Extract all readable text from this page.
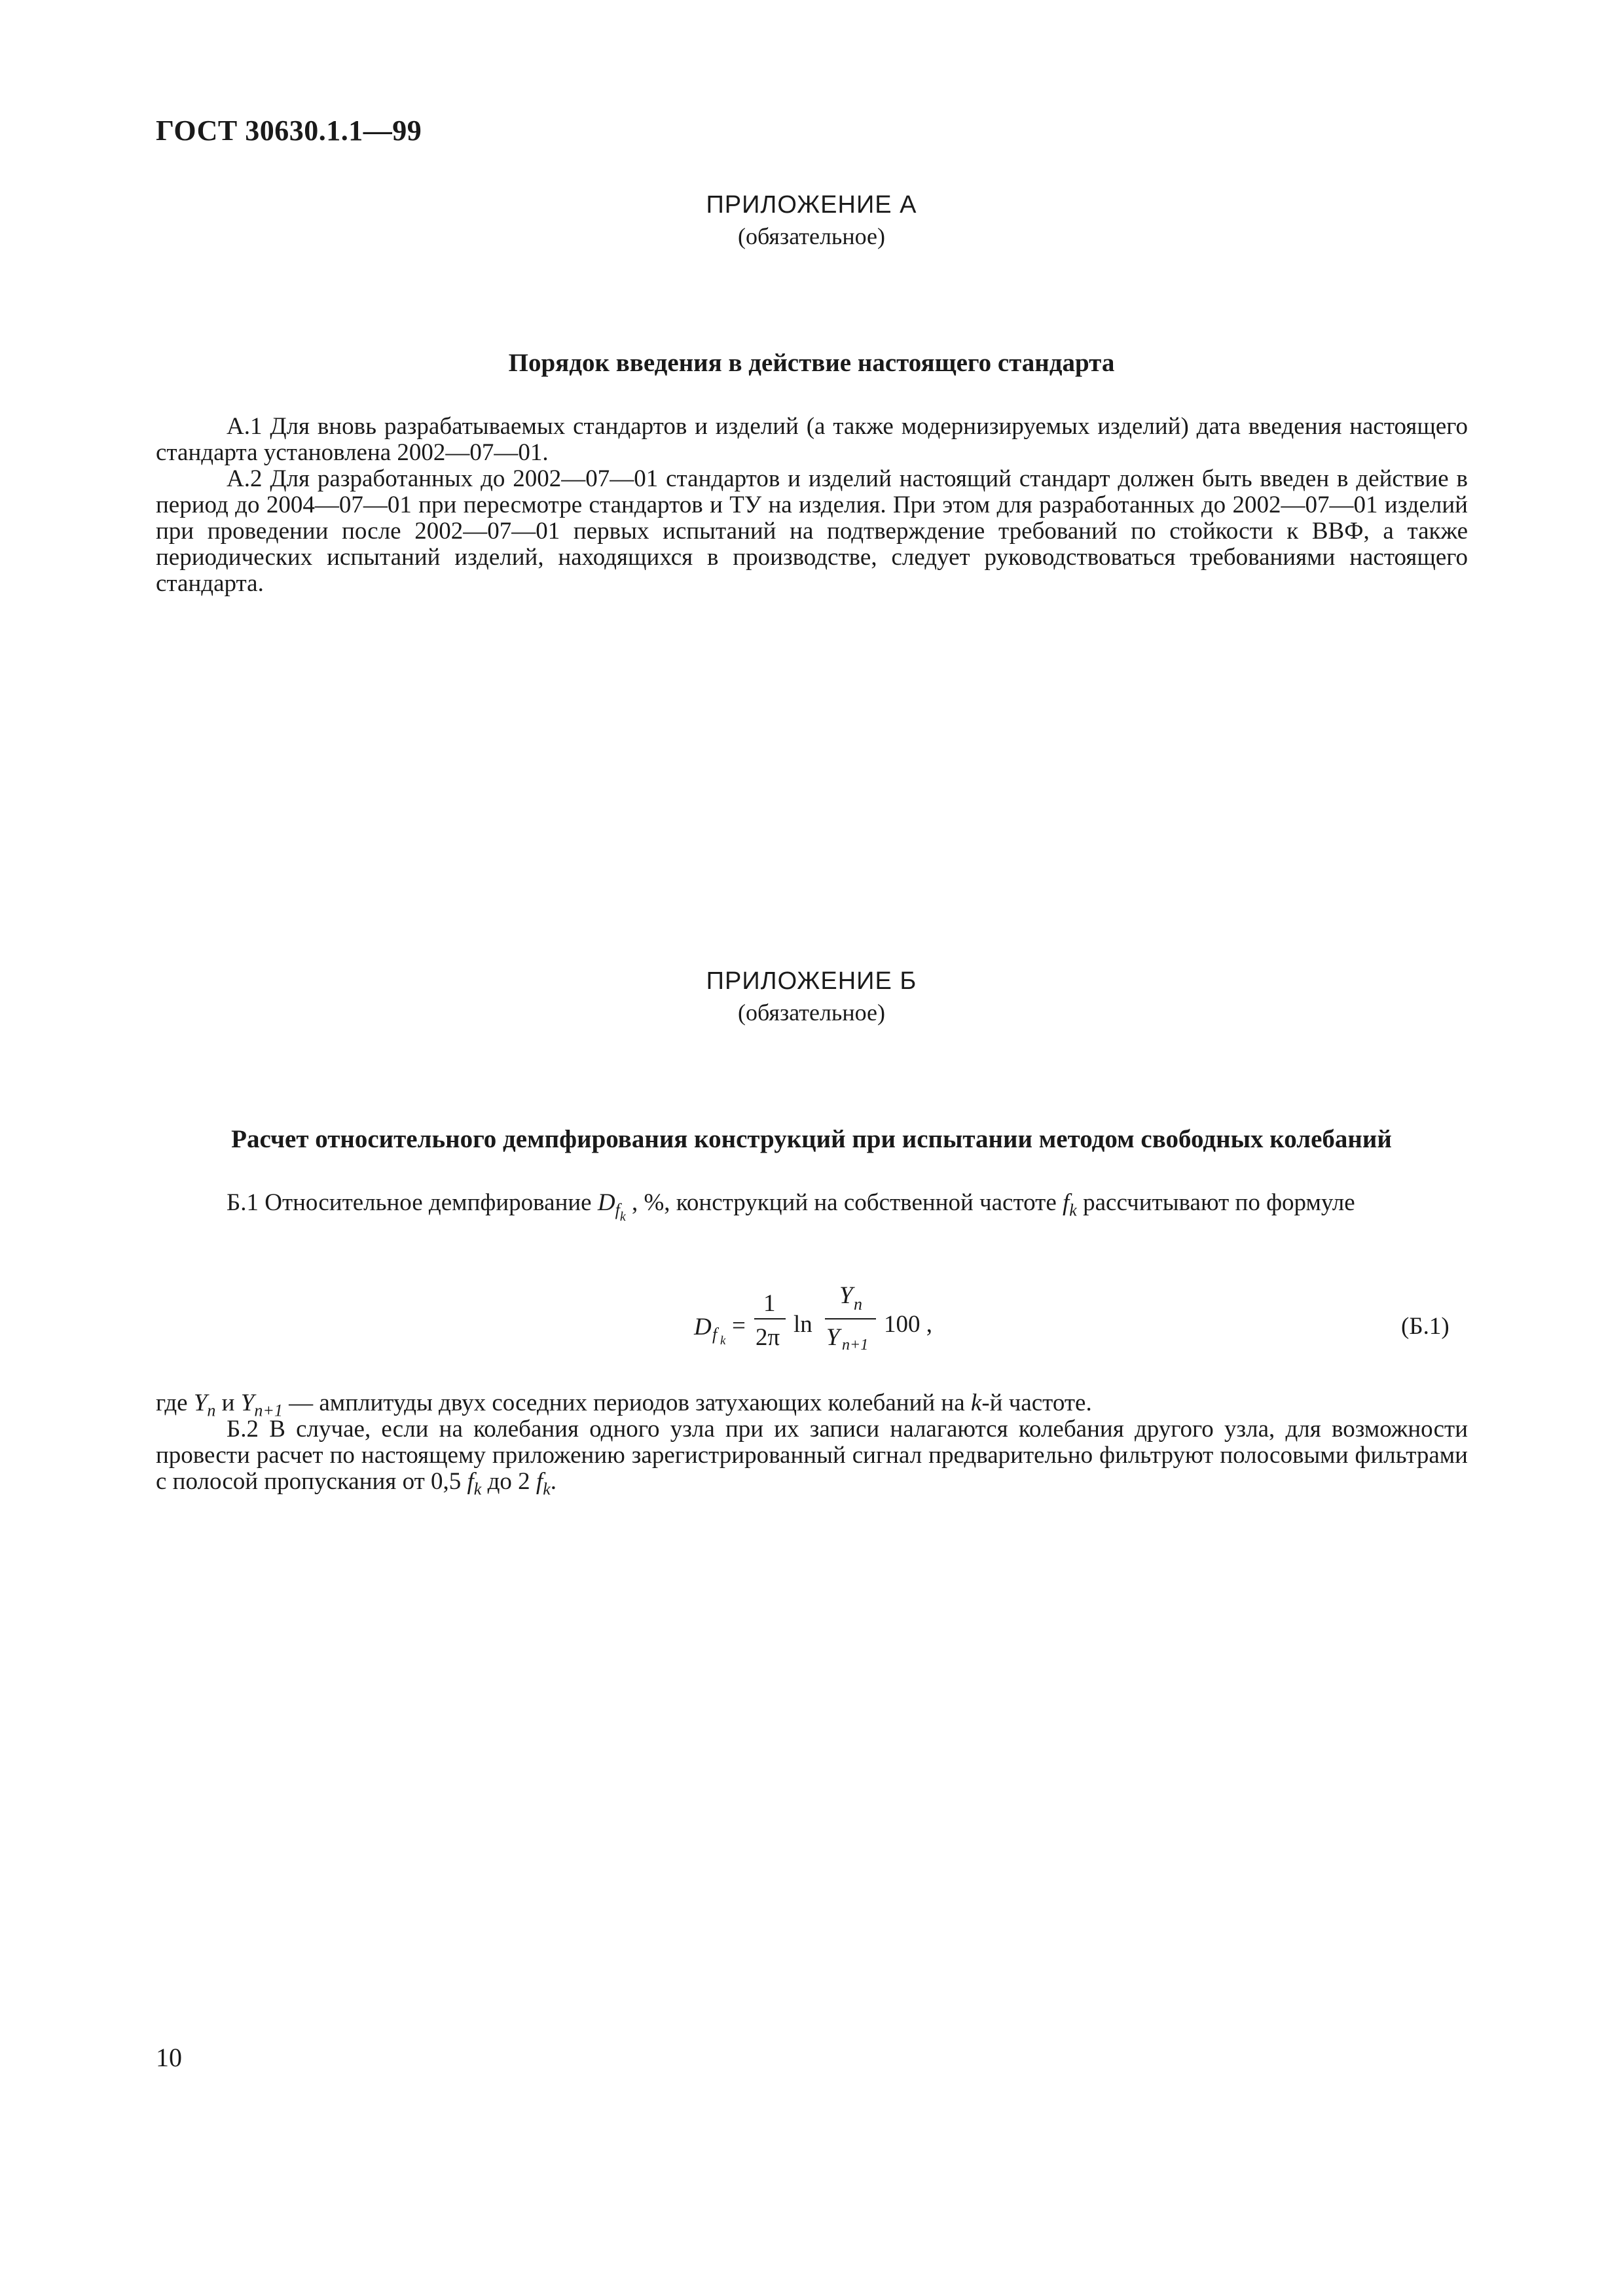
ГОСТ 30630.1.1—99
ПРИЛОЖЕНИЕ А
(обязательное)
Порядок введения в действие настоящего стандарта

А.1 Для вновь разрабатываемых стандартов и изделий (а также модернизируемых изделий) дата введения настоящего стандарта установлена 2002—07—01.

А.2 Для разработанных до 2002—07—01 стандартов и изделий настоящий стандарт должен быть введен в действие в период до 2004—07—01 при пересмотре стандартов и ТУ на изделия. При этом для разработанных до 2002—07—01 изделий при проведении после 2002—07—01 первых испытаний на подтверждение требований по стойкости к ВВФ, а также периодических испытаний изделий, находящихся в производстве, следует руководствоваться требованиями настоящего стандарта.

ПРИЛОЖЕНИЕ Б
(обязательное)
Расчет относительного демпфирования конструкций при испытании методом свободных колебаний

Б.1 Относительное демпфирование $D_{f_k}$ , %, конструкций на собственной частоте $f_k$ рассчитывают по формуле

D f k
=
1
2π ln
Y n
Y n+1
100 ,	(Б.1)

где $Y_n$ и $Y_{n+1}$ — амплитуды двух соседних периодов затухающих колебаний на k-й частоте.

Б.2 В случае, если на колебания одного узла при их записи налагаются колебания другого узла, для возможности провести расчет по настоящему приложению зарегистрированный сигнал предварительно фильтруют полосовыми фильтрами с полосой пропускания от 0,5 $f_k$ до 2 $f_k$.

10
